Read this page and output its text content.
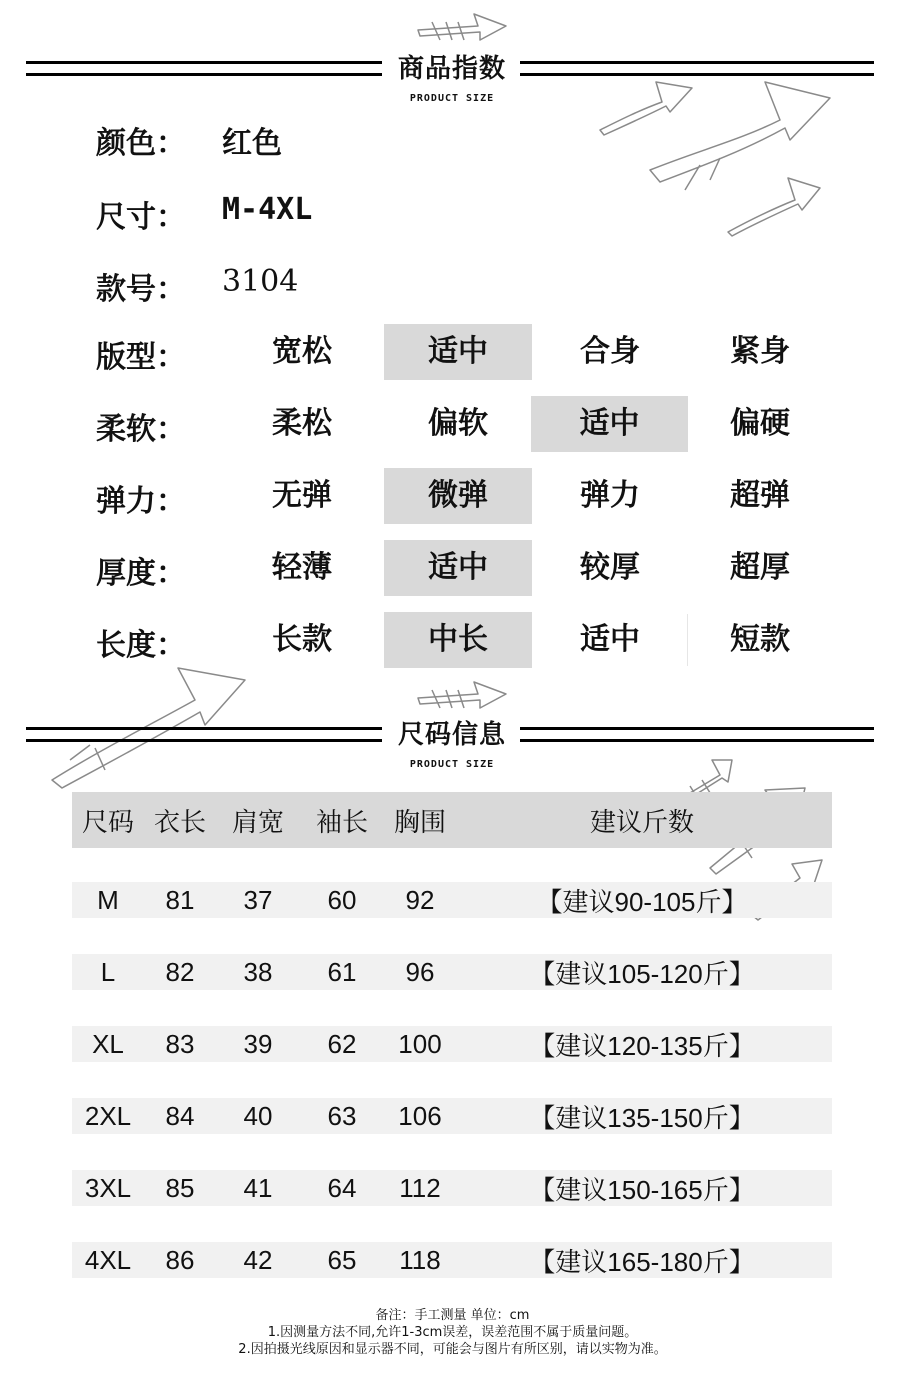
商品指数
PRODUCT SIZE
颜色： 红色
尺寸： M-4XL
款号： 3104
版型：	宽松	适中	合身	紧身
柔软：	柔松	偏软	适中	偏硬
弹力：	无弹	微弹	弹力	超弹
厚度：	轻薄	适中	较厚	超厚
长度：	长款	中长	适中	短款
尺码信息
PRODUCT SIZE
尺码 衣长 肩宽	袖长 胸围	建议斤数
M	81	37	60	92	【建议90-105斤】
L	82	38	61	96	【建议105-120斤】
XL	83	39	62	100	【建议120-135斤】
2XL	84	40	63	106	【建议135-150斤】
3XL	85	41	64	112	【建议150-165斤】
4XL	86	42	65	118	【建议165-180斤】
备注：手工测量 单位：cm
1.因测量方法不同,允许1-3cm误差，误差范围不属于质量问题。
2.因拍摄光线原因和显示器不同，可能会与图片有所区别，请以实物为准。
